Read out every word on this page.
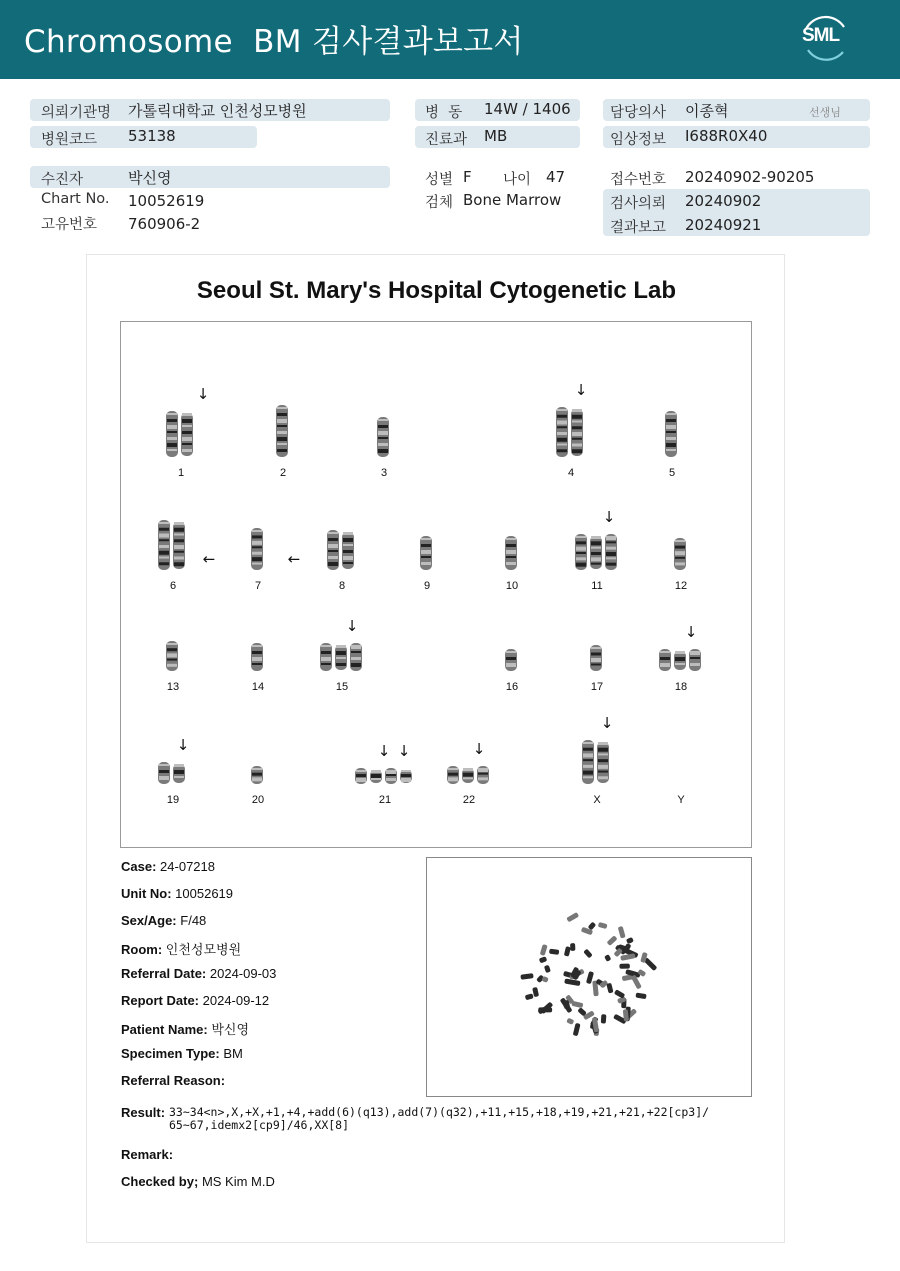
Chromosome  BM 검사결과보고서	SML
의뢰기관명 가톨릭대학교 인천성모병원
병원코드 53138
수진자	박신영
Chart No. 10052619
고유번호 760906-2
병  동 14W / 1406
진료과 MB
성별 F 나이 47
검체 Bone Marrow
담당의사 이종혁	선생님
임상정보 I688R0X40
접수번호 20240902-90205
검사의뢰 20240902
결과보고 20240921
Seoul St. Mary's Hospital Cytogenetic Lab
1
↓
2	3	4
↓
5
6
←
7
←
8	9	10	11
↓
12
13	14	15
↓
16	17	18
↓
19
↓
20	21
↓ ↓
22
↓
X
↓
Y
Case: 24-07218
Unit No: 10052619
Sex/Age: F/48
Room: 인천성모병원
Referral Date: 2024-09-03
Report Date: 2024-09-12
Patient Name: 박신영
Specimen Type: BM
Referral Reason:
Result: 33~34<n>,X,+X,+1,+4,+add(6)(q13),add(7)(q32),+11,+15,+18,+19,+21,+21,+22[cp3]/
65~67,idemx2[cp9]/46,XX[8]
Remark:
Checked by; MS Kim M.D
